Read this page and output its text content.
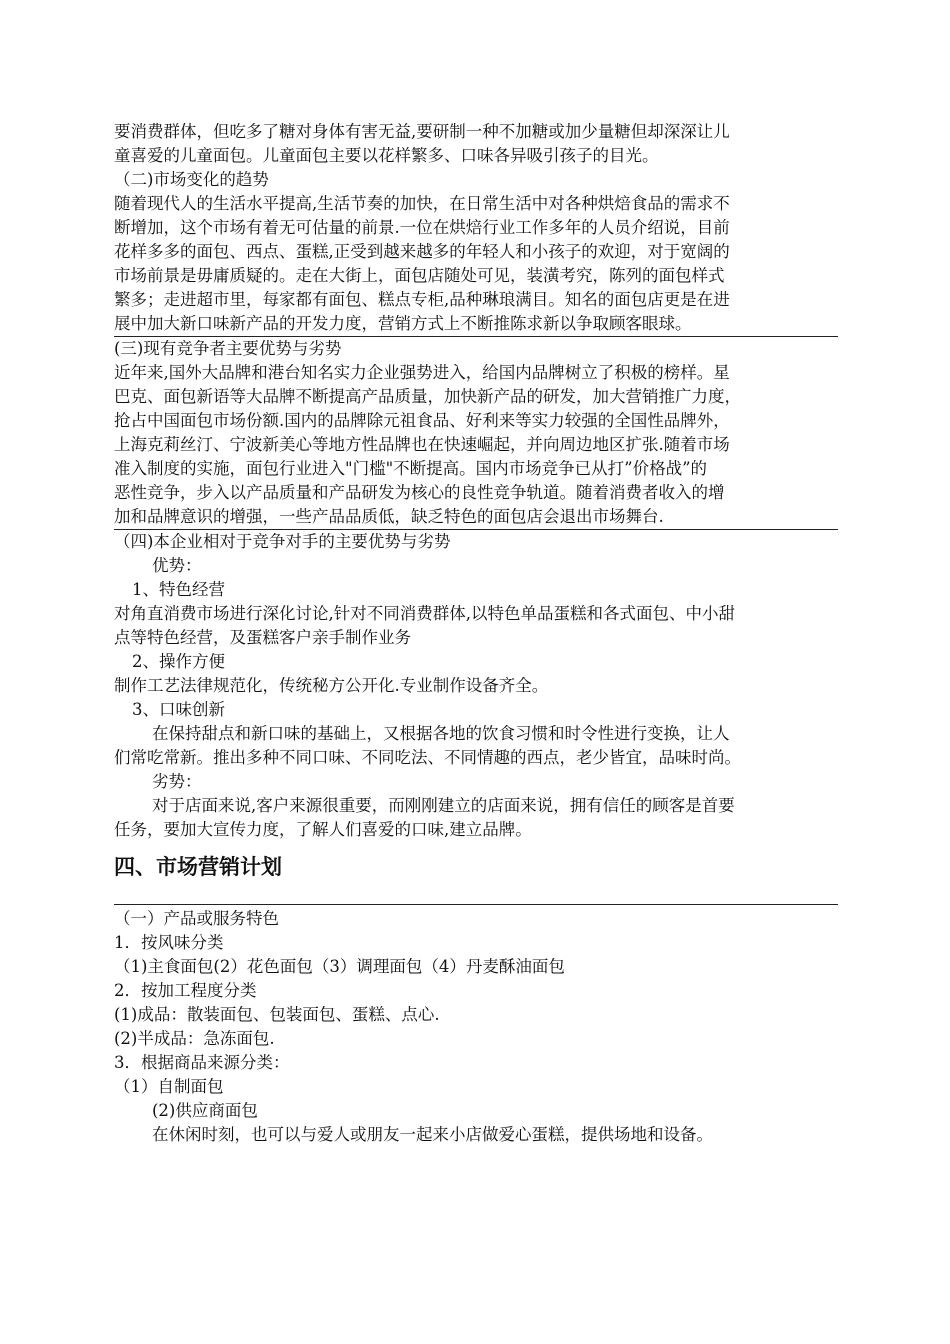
要消费群体，但吃多了糖对身体有害无益,要研制一种不加糖或加少量糖但却深深让儿
童喜爱的儿童面包。儿童面包主要以花样繁多、口味各异吸引孩子的目光。
（二)市场变化的趋势
随着现代人的生活水平提高,生活节奏的加快，在日常生活中对各种烘焙食品的需求不
断增加，这个市场有着无可估量的前景.一位在烘焙行业工作多年的人员介绍说，目前
花样多多的面包、西点、蛋糕,正受到越来越多的年轻人和小孩子的欢迎，对于宽阔的
市场前景是毋庸质疑的。走在大街上，面包店随处可见，装潢考究，陈列的面包样式
繁多；走进超市里，每家都有面包、糕点专柜,品种琳琅满目。知名的面包店更是在进
展中加大新口味新产品的开发力度，营销方式上不断推陈求新以争取顾客眼球。
(三)现有竞争者主要优势与劣势
近年来,国外大品牌和港台知名实力企业强势进入，给国内品牌树立了积极的榜样。星
巴克、面包新语等大品牌不断提高产品质量，加快新产品的研发，加大营销推广力度，
抢占中国面包市场份额.国内的品牌除元祖食品、好利来等实力较强的全国性品牌外，
上海克莉丝汀、宁波新美心等地方性品牌也在快速崛起，并向周边地区扩张.随着市场
准入制度的实施，面包行业进入"门槛"不断提高。国内市场竞争已从打”价格战”的
恶性竞争，步入以产品质量和产品研发为核心的良性竞争轨道。随着消费者收入的增
加和品牌意识的增强，一些产品品质低，缺乏特色的面包店会退出市场舞台.
（四)本企业相对于竞争对手的主要优势与劣势
优势：
1、特色经营
对角直消费市场进行深化讨论,针对不同消费群体,以特色单品蛋糕和各式面包、中小甜
点等特色经营，及蛋糕客户亲手制作业务
2、操作方便
制作工艺法律规范化，传统秘方公开化.专业制作设备齐全。
3、口味创新
在保持甜点和新口味的基础上，又根据各地的饮食习惯和时令性进行变换，让人
们常吃常新。推出多种不同口味、不同吃法、不同情趣的西点，老少皆宜，品味时尚。
劣势：
对于店面来说,客户来源很重要，而刚刚建立的店面来说，拥有信任的顾客是首要
任务，要加大宣传力度，了解人们喜爱的口味,建立品牌。
四、市场营销计划
（一）产品或服务特色
1．按风味分类
（1)主食面包(2）花色面包（3）调理面包（4）丹麦酥油面包
2．按加工程度分类
(1)成品：散装面包、包装面包、蛋糕、点心.
(2)半成品：急冻面包.
3．根据商品来源分类：
（1）自制面包
(2)供应商面包
在休闲时刻，也可以与爱人或朋友一起来小店做爱心蛋糕，提供场地和设备。
